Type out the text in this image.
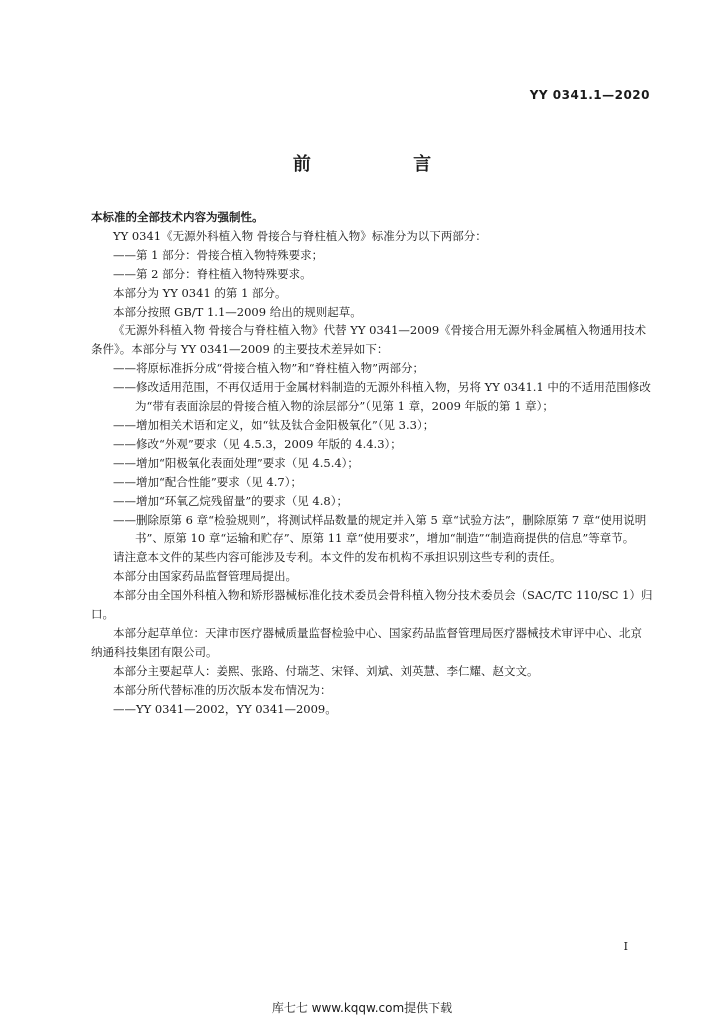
YY 0341.1—2020
前 言

本标准的全部技术内容为强制性。

YY 0341《无源外科植入物 骨接合与脊柱植入物》标准分为以下两部分：

——第 1 部分：骨接合植入物特殊要求；

——第 2 部分：脊柱植入物特殊要求。

本部分为 YY 0341 的第 1 部分。

本部分按照 GB/T 1.1—2009 给出的规则起草。

《无源外科植入物 骨接合与脊柱植入物》代替 YY 0341—2009《骨接合用无源外科金属植入物通用技术条件》。本部分与 YY 0341—2009 的主要技术差异如下：

——将原标准拆分成“骨接合植入物”和“脊柱植入物”两部分；

——修改适用范围，不再仅适用于金属材料制造的无源外科植入物，另将 YY 0341.1 中的不适用范围修改为“带有表面涂层的骨接合植入物的涂层部分”（见第 1 章，2009 年版的第 1 章）；

——增加相关术语和定义，如“钛及钛合金阳极氧化”（见 3.3）；

——修改“外观”要求（见 4.5.3，2009 年版的 4.4.3）；

——增加“阳极氧化表面处理”要求（见 4.5.4）；

——增加“配合性能”要求（见 4.7）；

——增加“环氧乙烷残留量”的要求（见 4.8）；

——删除原第 6 章“检验规则”，将测试样品数量的规定并入第 5 章“试验方法”，删除原第 7 章“使用说明书”、原第 10 章“运输和贮存”、原第 11 章“使用要求”，增加“制造”“制造商提供的信息”等章节。

请注意本文件的某些内容可能涉及专利。本文件的发布机构不承担识别这些专利的责任。

本部分由国家药品监督管理局提出。

本部分由全国外科植入物和矫形器械标准化技术委员会骨科植入物分技术委员会（SAC/TC 110/SC 1）归口。

本部分起草单位：天津市医疗器械质量监督检验中心、国家药品监督管理局医疗器械技术审评中心、北京纳通科技集团有限公司。

本部分主要起草人：姜熙、张路、付瑞芝、宋铎、刘斌、刘英慧、李仁耀、赵文文。

本部分所代替标准的历次版本发布情况为：

——YY 0341—2002，YY 0341—2009。

I
库七七 www.kqqw.com提供下载
